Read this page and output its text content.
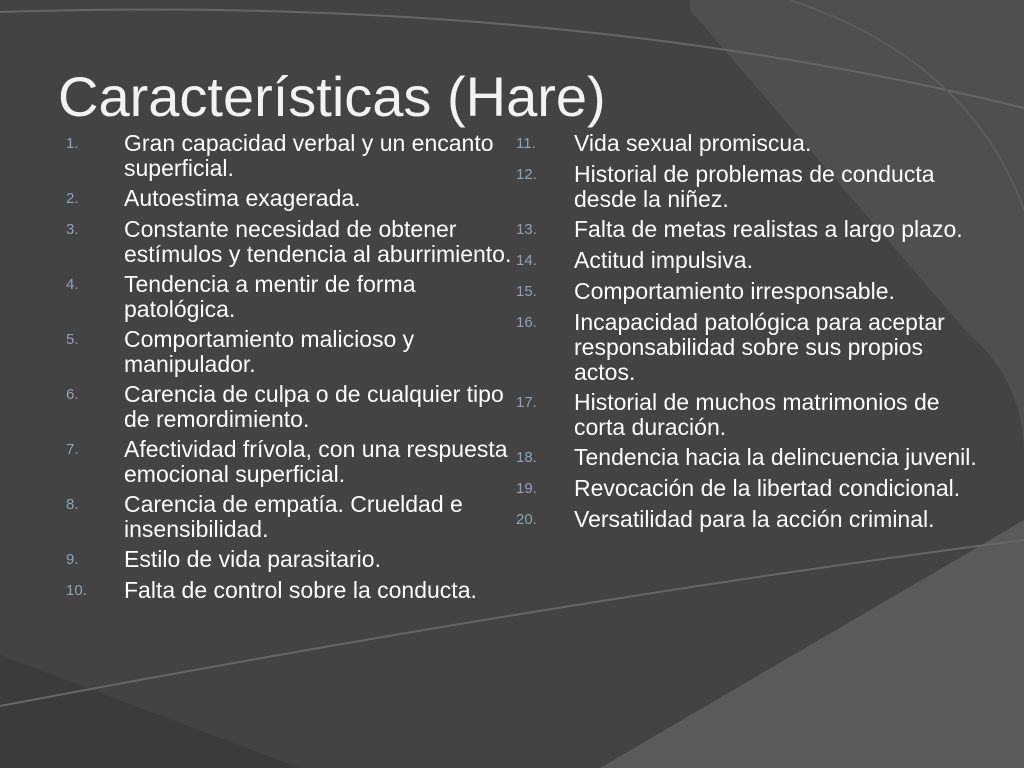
Características (Hare)
1.	Gran capacidad verbal y un encanto superficial.
2.	Autoestima exagerada.
3.	Constante necesidad de obtener estímulos y tendencia al aburrimiento.
4.	Tendencia a mentir de forma patológica.
5.	Comportamiento malicioso y manipulador.
6.	Carencia de culpa o de cualquier tipo de remordimiento.
7.	Afectividad frívola, con una respuesta emocional superficial.
8.	Carencia de empatía. Crueldad e insensibilidad.
9.	Estilo de vida parasitario.
10.	Falta de control sobre la conducta.
11.	Vida sexual promiscua.
12.	Historial de problemas de conducta desde la niñez.
13.	Falta de metas realistas a largo plazo.
14.	Actitud impulsiva.
15.	Comportamiento irresponsable.
16.	Incapacidad patológica para aceptar responsabilidad sobre sus propios actos.
17.	Historial de muchos matrimonios de corta duración.
18.	Tendencia hacia la delincuencia juvenil.
19.	Revocación de la libertad condicional.
20.	Versatilidad para la acción criminal.
